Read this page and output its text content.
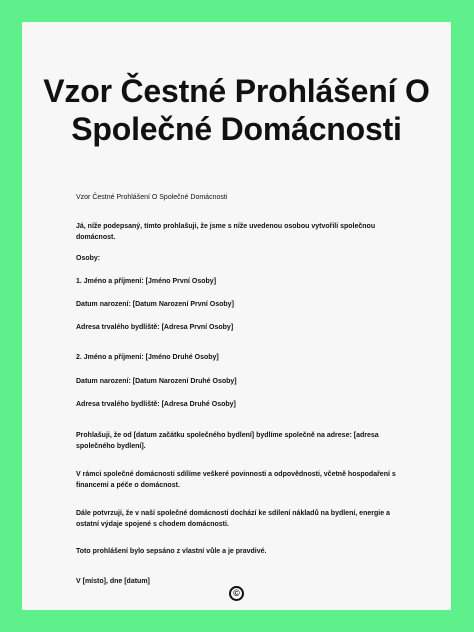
Vzor Čestné Prohlášení O Společné Domácnosti

Vzor Čestné Prohlášení O Společné Domácnosti

Já, níže podepsaný, tímto prohlašuji, že jsme s níže uvedenou osobou vytvořili společnou domácnost.

Osoby:

1. Jméno a příjmení: [Jméno První Osoby]

Datum narození: [Datum Narození První Osoby]

Adresa trvalého bydliště: [Adresa První Osoby]

2. Jméno a příjmení: [Jméno Druhé Osoby]

Datum narození: [Datum Narození Druhé Osoby]

Adresa trvalého bydliště: [Adresa Druhé Osoby]

Prohlašuji, že od [datum začátku společného bydlení] bydlíme společně na adrese: [adresa společného bydlení].

V rámci společné domácnosti sdílíme veškeré povinnosti a odpovědnosti, včetně hospodaření s financemi a péče o domácnost.

Dále potvrzuji, že v naší společné domácnosti dochází ke sdílení nákladů na bydlení, energie a ostatní výdaje spojené s chodem domácnosti.

Toto prohlášení bylo sepsáno z vlastní vůle a je pravdivé.

V [místo], dne [datum]

©
